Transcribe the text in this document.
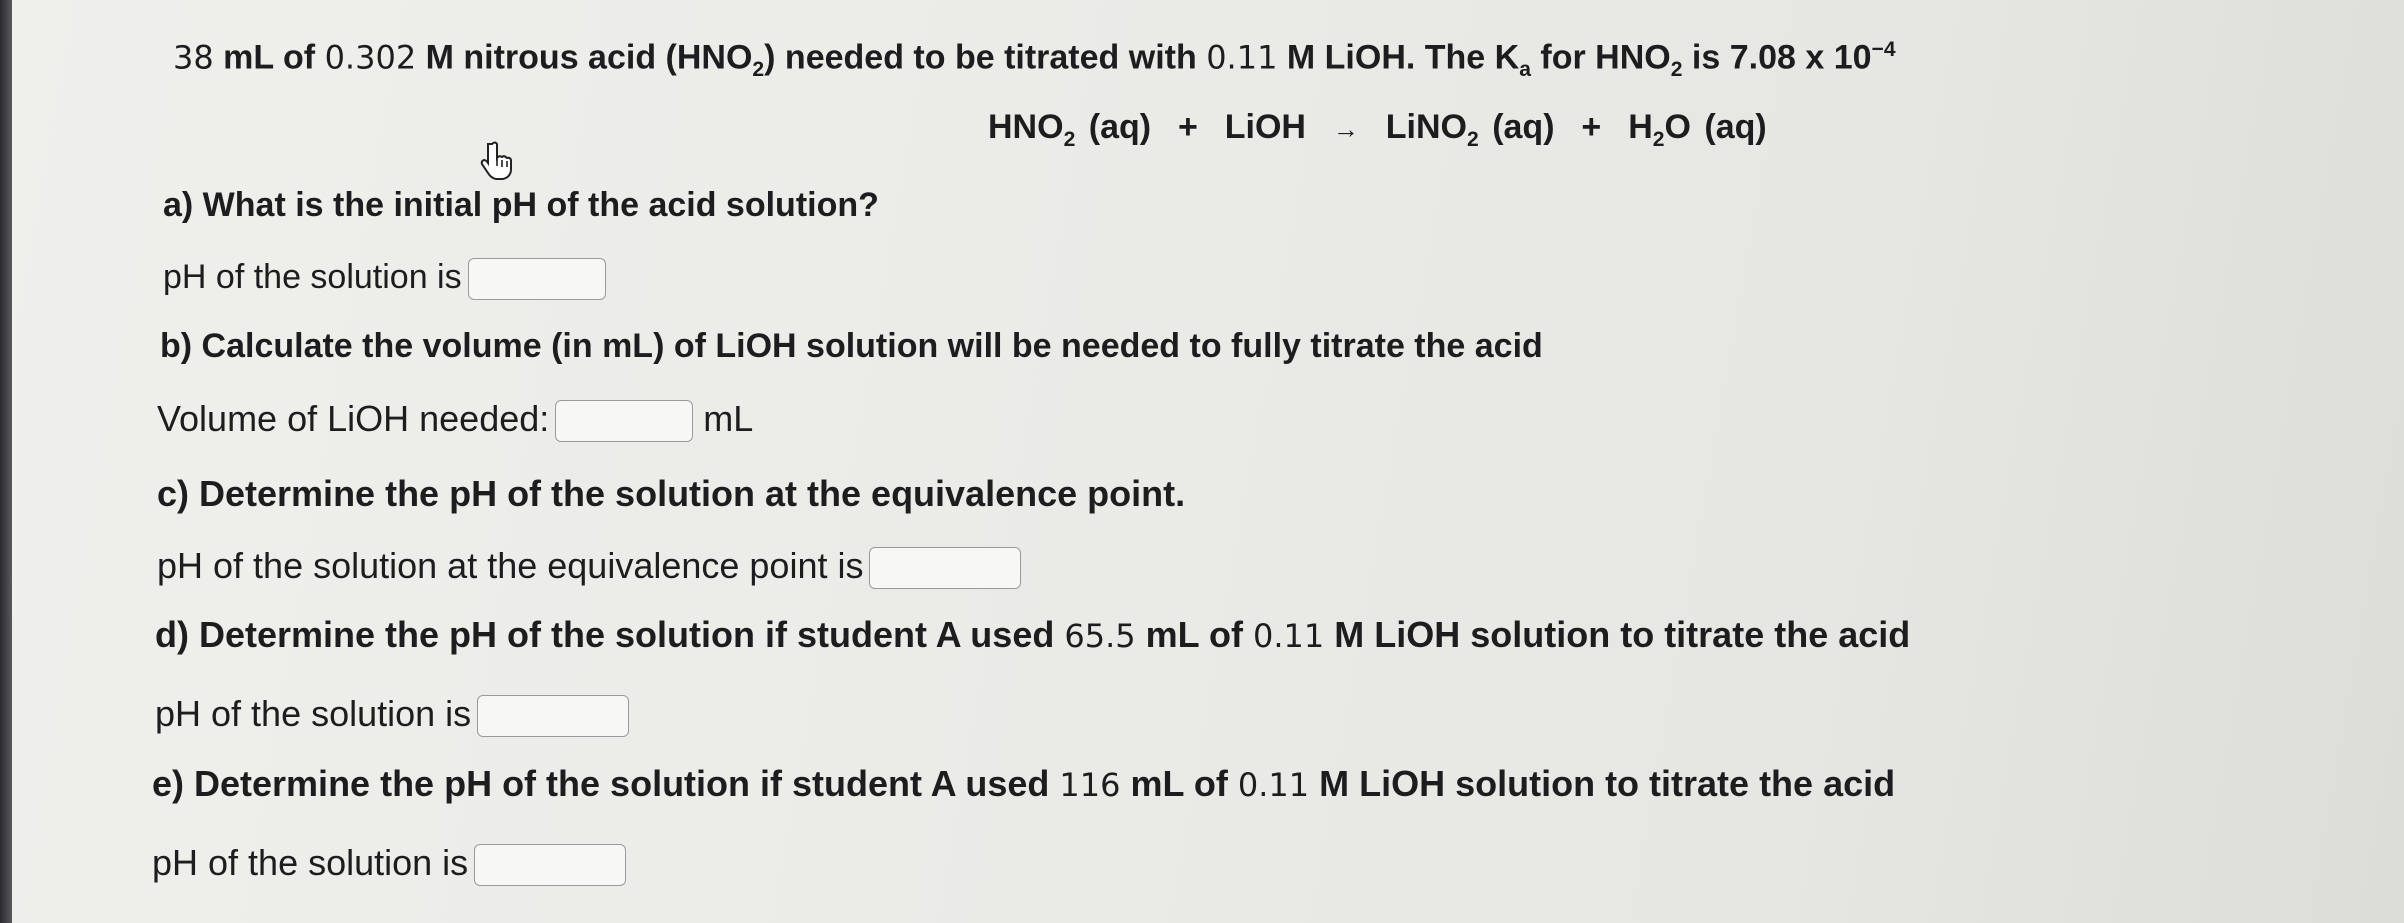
38 mL of 0.302 M nitrous acid $(HNO_2)$ needed to be titrated with 0.11 M LiOH. The $K_a$ for $HNO_2$ is 7.08 x $10^{-4}$
$HNO_2$ (aq) + LiOH → LiNO$_2$ $(aq) + H_2O$ (aq)
a) What is the initial pH of the acid solution?
pH of the solution is
b) Calculate the volume (in mL) of LiOH solution will be needed to fully titrate the acid
Volume of LiOH needed:	mL
c) Determine the pH of the solution at the equivalence point.
pH of the solution at the equivalence point is
d) Determine the pH of the solution if student A used 65.5 mL of 0.11 M LiOH solution to titrate the acid
pH of the solution is
e) Determine the pH of the solution if student A used 116 mL of 0.11 M LiOH solution to titrate the acid
pH of the solution is
